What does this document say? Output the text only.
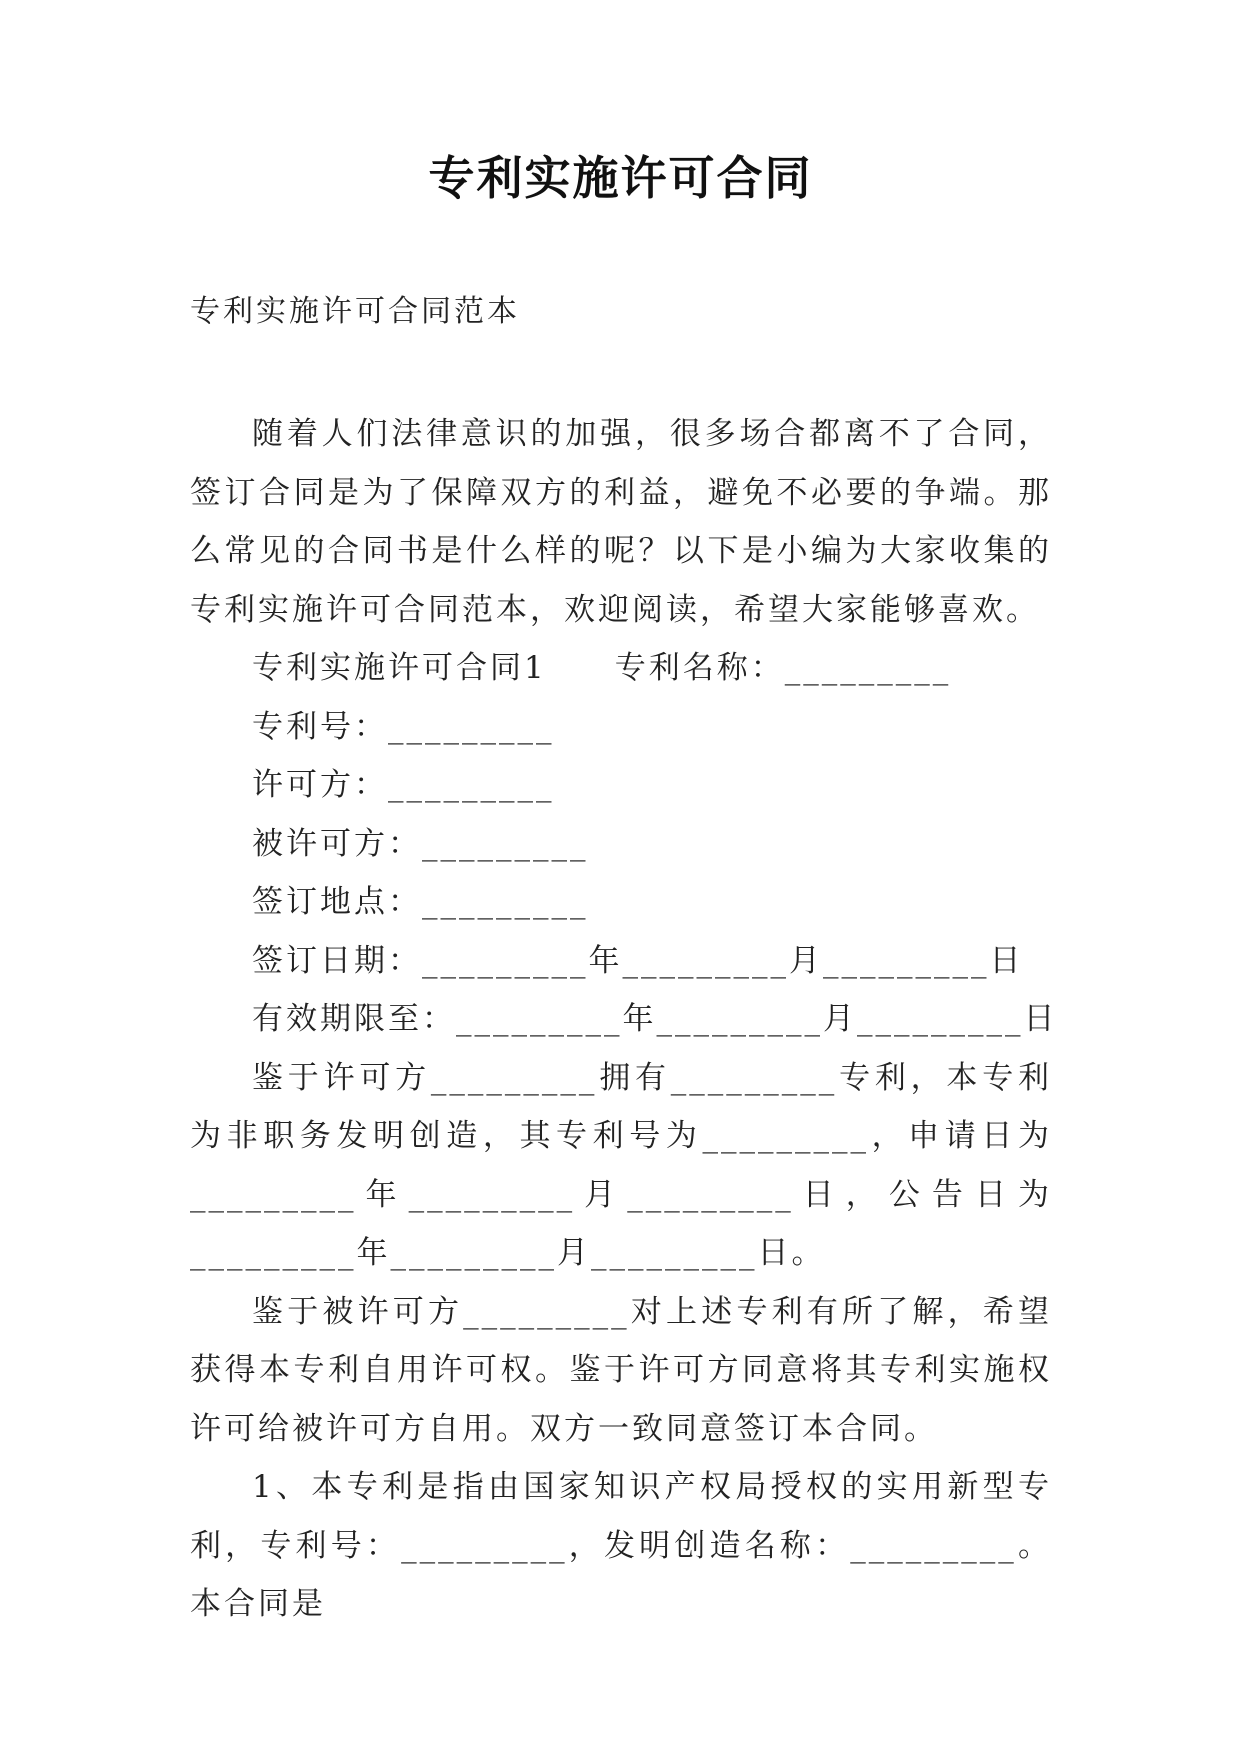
专利实施许可合同
专利实施许可合同范本

随着人们法律意识的加强，很多场合都离不了合同，签订合同是为了保障双方的利益，避免不必要的争端。那么常见的合同书是什么样的呢？以下是小编为大家收集的专利实施许可合同范本，欢迎阅读，希望大家能够喜欢。

专利实施许可合同1 专利名称：_________

专利号：_________

许可方：_________

被许可方：_________

签订地点：_________

签订日期：_________年_________月_________日

有效期限至：_________年_________月_________日

鉴于许可方_________拥有_________专利，本专利为非职务发明创造，其专利号为_________，申请日为_________年_________月_________日，公告日为_________年_________月_________日。

鉴于被许可方_________对上述专利有所了解，希望获得本专利自用许可权。鉴于许可方同意将其专利实施权许可给被许可方自用。双方一致同意签订本合同。

1、本专利是指由国家知识产权局授权的实用新型专利，专利号：_________，发明创造名称：_________。本合同是
